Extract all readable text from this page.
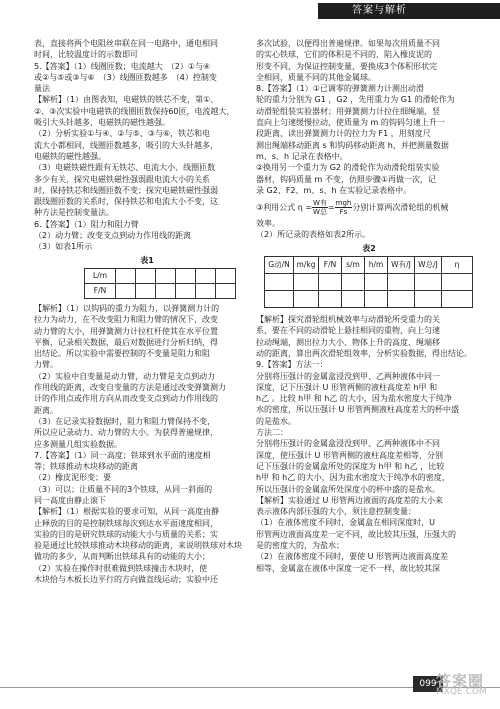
答案与解析

表，直接将两个电阻丝串联在同一电路中，通电相同

时间，比较温度计的示数即可

5.【答案】（1）线圈匝数；电流越大　（2）①与④

或②与⑤或③与⑥　（3）线圈匝数越多　（4）控制变

量法

【解析】（1）由图表知，电磁铁的铁芯不变，第①、

②、③次实验中电磁铁的线圈匝数保持60匝，电流越大，

吸引大头针越多，电磁铁的磁性越强。

（2）分析实验①与④、②与⑤、③与⑥，铁芯和电

流大小都相同，线圈匝数越多，吸引的大头针越多，

电磁铁的磁性越强。

（3）电磁铁磁性跟有无铁芯、电流大小、线圈匝数

多少有关，探究电磁铁磁性强弱跟电流大小的关系

时，保持铁芯和线圈匝数不变；探究电磁铁磁性强弱

跟线圈匝数的关系时，保持铁芯和电流大小不变，这

种方法是控制变量法。

6.【答案】（1）阻力和阻力臂

（2）动力臂；改变支点到动力作用线的距离

（3）如表1所示

表1

L/m						
F/N						

【解析】（1）以钩码的重力为阻力，以弹簧测力计的

拉力为动力，在不改变阻力和阻力臂的情况下，改变

动力臂的大小，用弹簧测力计拉杠杆使其在水平位置

平衡，记录相关数据，最后对数据进行分析归纳，得

出结论。所以实验中需要控制的不变量是阻力和阻

力臂。

（2）实验中自变量是动力臂，动力臂是支点到动力

作用线的距离，改变自变量的方法是通过改变弹簧测力

计的作用点或作用方向从而改变支点到动力作用线的

距离。

（3）在记录实验数据时，阻力和阻力臂保持不变，

所以应记录动力、动力臂的大小。为获得普遍规律，

应多测量几组实验数据。

7.【答案】（1）同一高度；铁球到水平面的速度相

等；铁球推动木块移动的距离

（2）橡皮泥形变；要

（3）可以；让质量不同的3个铁球，从同一斜面的

同一高度由静止滚下

【解析】（1）根据实验的要求可知，从同一高度由静

止释放的目的是控制铁球每次到达水平面速度相同，

实验的目的是研究铁球的动能大小与质量的关系；实

验是通过比较铁球推动木块移动的距离，来说明铁球对木块

做功的多少，从而判断出铁球具有的动能的大小；

（2）实验在操作时很难做到铁球撞击木块时，使

木块恰与木板长边平行的方向做直线运动；实验中还

多次试验，以便得出普遍规律。如果每次用质量不同

的实心铁球，它们的体积是不同的，陷入橡皮泥的

形变不同，为保证控制变量，要换成3个体积形状完

全相同，质量不同的其他金属球。

8.【答案】（1）①已调零的弹簧测力计测出动滑

轮的重力分别为 G1 ，G2 ，先用重力为 G1 的滑轮作为

动滑轮组装实验器材；用弹簧测力计拉住细绳端，竖

直向上匀速缓慢拉动，使质量为 m 的钩码匀速上升一

段距离，读出弹簧测力计的拉力为 F1 ，用刻度尺

测出绳端移动距离 s 和钩码移动距离 h，并把测量数据

m、s、h 记录在表格中。

②换用另一个重力为 G2 的滑轮作为动滑轮组装实验

器材，钩码质量 m 不变，仿照步骤①再做一次，记

录 G2、F2、m、s、h 在实验记录表格中。

③利用公式 η = W有
W总
= mgh
Fs
分别计算两次滑轮组的机械

效率。

（2）所记录的表格如表2所示。

表2

G动/N	m/kg	F/N	s/m	h/m	W有/J	W总/J	η

【解析】探究滑轮组机械效率与动滑轮所受重力的关

系，要在不同的动滑轮上悬挂相同的重物，向上匀速

拉动绳端，测出拉力大小、物体上升的高度、绳端移

动的距离，算出两次滑轮组效率，分析实验数据，得出结论。

9.【答案】方法一：

分别将压强计的金属盒浸没到甲、乙两种液体中同一

深度，记下压强计 U 形管两侧的液柱高度差 h甲 和

h乙 。比较 h甲 和 h乙 的大小，因为盐水密度大于纯净

水的密度，所以压强计 U 形管两侧液柱高度差大的杯中盛

的是盐水。

方法二：

分别将压强计的金属盒浸没到甲、乙两种液体中不同

深度，使压强计 U 形管两侧的液柱高度差相等，分别

记下压强计的金属盒所处的深度为 h甲 和 h乙 ，比较

h甲 和 h乙 的大小，因为盐水密度大于纯净水的密度，

所以压强计的金属盒所处深度小的杯中盛的是盐水。

【解析】实验通过 U 形管两边液面的高度差的大小来

表示液体内部压强的大小，须注意控制变量：

（1）在液体密度不同时，金属盒在相同深度时，U

形管两边液面高度差一定不同，故比较其压强，压强大的

是的密度大的，为盐水；

（2）在液体密度不同时，要使 U 形管两边液面高度差

相等，金属盒在液体中深度一定不一样，故比较其深

099 答案圈
MXQE.COM
